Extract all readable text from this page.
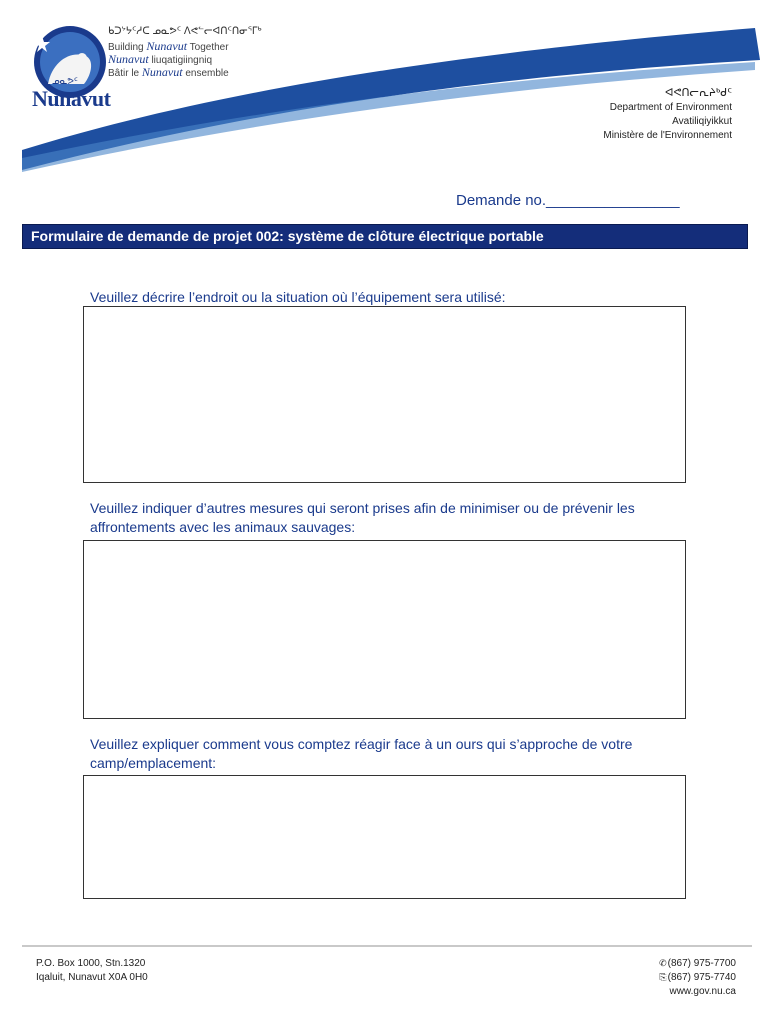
ᓄᓇᕗᑦ
Nunavut
ᑲᑐᔾᔭᑦᓱᑕ ᓄᓇᕗᑦ ᐱᕙᓪᓕᐊᑎᑦᑎᓂᕐᒥᒃ
Building Nunavut Together
Nunavut liuqatigiingniq
Bâtir le Nunavut ensemble
ᐊᕙᑎᓕᕆᔨᒃᑯᑦ
Department of Environment
Avatiliqiyikkut
Ministère de l'Environnement
Demande no.________________
Formulaire de demande de projet 002: système de clôture électrique portable
Veuillez décrire l’endroit ou la situation où l’équipement sera utilisé:
Veuillez indiquer d’autres mesures qui seront prises afin de minimiser ou de prévenir les affrontements avec les animaux sauvages:
Veuillez expliquer comment vous comptez réagir face à un ours qui s’approche de votre camp/emplacement:
P.O. Box 1000, Stn.1320
Iqaluit, Nunavut X0A 0H0
✆(867) 975-7700
⎘(867) 975-7740
www.gov.nu.ca
